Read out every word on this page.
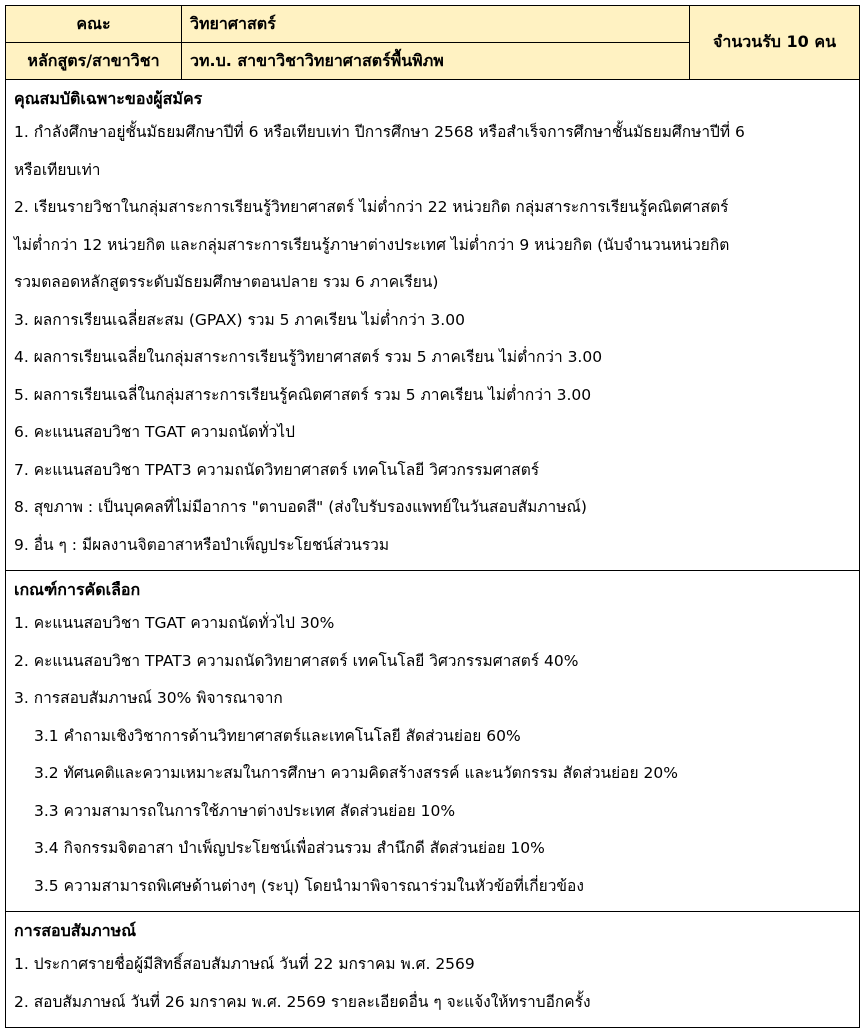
คณะ	วิทยาศาสตร์
จำนวนรับ 10 คน
หลักสูตร/สาขาวิชา	วท.บ. สาขาวิชาวิทยาศาสตร์พื้นพิภพ
คุณสมบัติเฉพาะของผู้สมัคร
1. กำลังศึกษาอยู่ชั้นมัธยมศึกษาปีที่ 6 หรือเทียบเท่า ปีการศึกษา 2568 หรือสำเร็จการศึกษาชั้นมัธยมศึกษาปีที่ 6
หรือเทียบเท่า
2. เรียนรายวิชาในกลุ่มสาระการเรียนรู้วิทยาศาสตร์ ไม่ต่ำกว่า 22 หน่วยกิต กลุ่มสาระการเรียนรู้คณิตศาสตร์
ไม่ต่ำกว่า 12 หน่วยกิต และกลุ่มสาระการเรียนรู้ภาษาต่างประเทศ ไม่ต่ำกว่า 9 หน่วยกิต (นับจำนวนหน่วยกิต
รวมตลอดหลักสูตรระดับมัธยมศึกษาตอนปลาย รวม 6 ภาคเรียน)
3. ผลการเรียนเฉลี่ยสะสม (GPAX) รวม 5 ภาคเรียน ไม่ต่ำกว่า 3.00
4. ผลการเรียนเฉลี่ยในกลุ่มสาระการเรียนรู้วิทยาศาสตร์ รวม 5 ภาคเรียน ไม่ต่ำกว่า 3.00
5. ผลการเรียนเฉลี่ในกลุ่มสาระการเรียนรู้คณิตศาสตร์ รวม 5 ภาคเรียน ไม่ต่ำกว่า 3.00
6. คะแนนสอบวิชา TGAT ความถนัดทั่วไป
7. คะแนนสอบวิชา TPAT3 ความถนัดวิทยาศาสตร์ เทคโนโลยี วิศวกรรมศาสตร์
8. สุขภาพ : เป็นบุคคลที่ไม่มีอาการ "ตาบอดสี" (ส่งใบรับรองแพทย์ในวันสอบสัมภาษณ์)
9. อื่น ๆ : มีผลงานจิตอาสาหรือบำเพ็ญประโยชน์ส่วนรวม
เกณฑ์การคัดเลือก
1. คะแนนสอบวิชา TGAT ความถนัดทั่วไป 30%
2. คะแนนสอบวิชา TPAT3 ความถนัดวิทยาศาสตร์ เทคโนโลยี วิศวกรรมศาสตร์ 40%
3. การสอบสัมภาษณ์ 30% พิจารณาจาก
3.1 คำถามเชิงวิชาการด้านวิทยาศาสตร์และเทคโนโลยี สัดส่วนย่อย 60%
3.2 ทัศนคติและความเหมาะสมในการศึกษา ความคิดสร้างสรรค์ และนวัตกรรม สัดส่วนย่อย 20%
3.3 ความสามารถในการใช้ภาษาต่างประเทศ สัดส่วนย่อย 10%
3.4 กิจกรรมจิตอาสา บำเพ็ญประโยชน์เพื่อส่วนรวม สำนึกดี สัดส่วนย่อย 10%
3.5 ความสามารถพิเศษด้านต่างๆ (ระบุ) โดยนำมาพิจารณาร่วมในหัวข้อที่เกี่ยวข้อง
การสอบสัมภาษณ์
1. ประกาศรายชื่อผู้มีสิทธิ์สอบสัมภาษณ์ วันที่ 22 มกราคม พ.ศ. 2569
2. สอบสัมภาษณ์ วันที่ 26 มกราคม พ.ศ. 2569 รายละเอียดอื่น ๆ จะแจ้งให้ทราบอีกครั้ง
